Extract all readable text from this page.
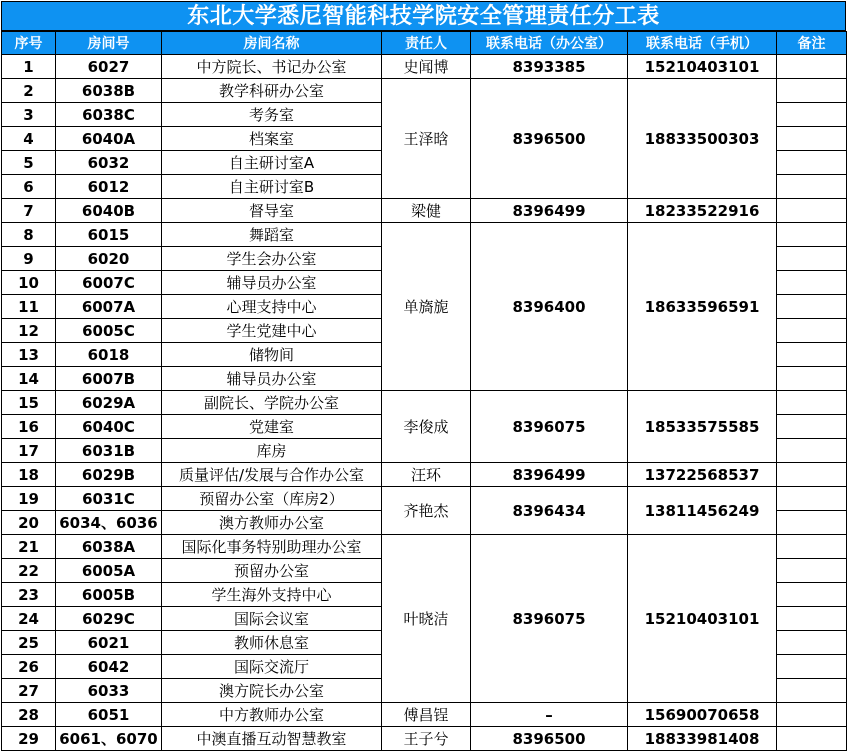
东北大学悉尼智能科技学院安全管理责任分工表
序号	房间号	房间名称	责任人	联系电话（办公室）	联系电话（手机）	备注
1	6027	中方院长、书记办公室	史闻博	8393385	15210403101	
2	6038B	教学科研办公室	王泽晗	8396500	18833500303	
3	6038C	考务室				
4	6040A	档案室				
5	6032	自主研讨室A				
6	6012	自主研讨室B				
7	6040B	督导室	梁健	8396499	18233522916	
8	6015	舞蹈室	单旖旎	8396400	18633596591	
9	6020	学生会办公室				
10	6007C	辅导员办公室				
11	6007A	心理支持中心				
12	6005C	学生党建中心				
13	6018	储物间				
14	6007B	辅导员办公室				
15	6029A	副院长、学院办公室	李俊成	8396075	18533575585	
16	6040C	党建室				
17	6031B	库房				
18	6029B	质量评估/发展与合作办公室	汪环	8396499	13722568537	
19	6031C	预留办公室（库房2）	齐艳杰	8396434	13811456249	
20	6034、6036	澳方教师办公室				
21	6038A	国际化事务特别助理办公室	叶晓洁	8396075	15210403101	
22	6005A	预留办公室				
23	6005B	学生海外支持中心				
24	6029C	国际会议室				
25	6021	教师休息室				
26	6042	国际交流厅				
27	6033	澳方院长办公室				
28	6051	中方教师办公室	傅昌锃	–	15690070658	
29	6061、6070	中澳直播互动智慧教室	王子兮	8396500	18833981408	
